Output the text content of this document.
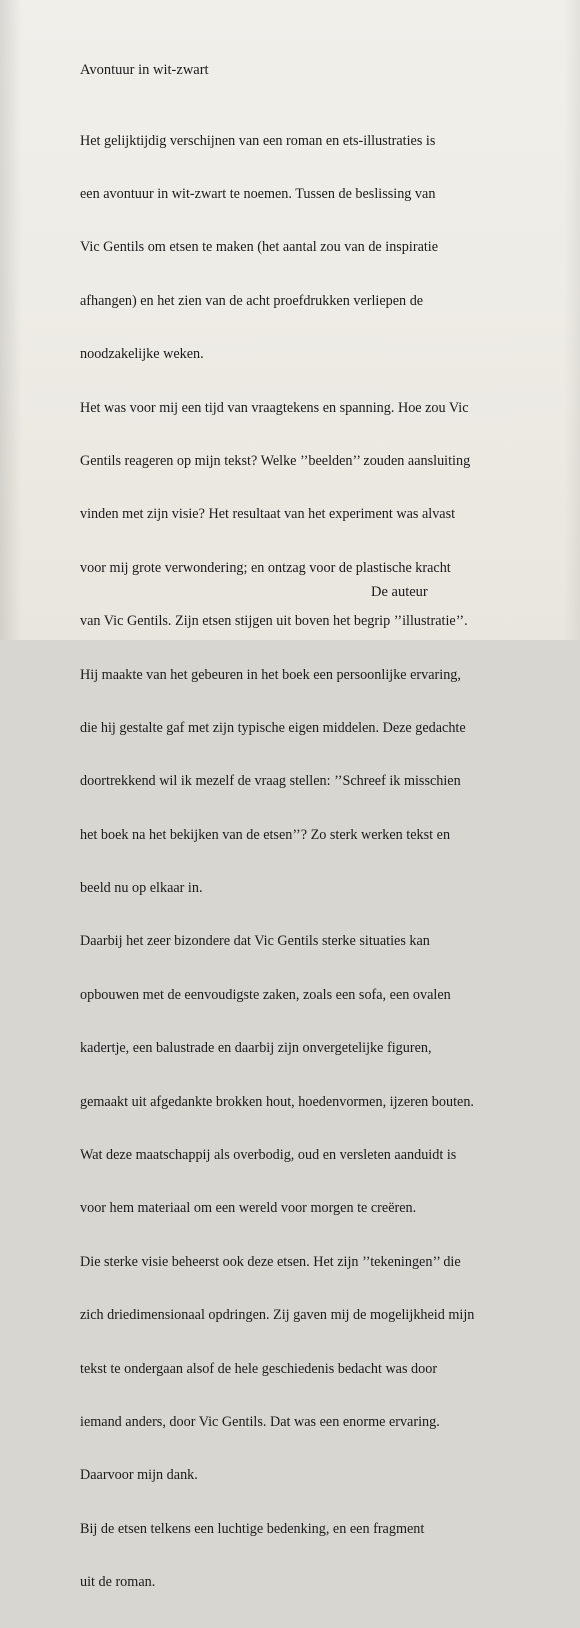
Avontuur in wit-zwart

Het gelijktijdig verschijnen van een roman en ets-illustraties is

een avontuur in wit-zwart te noemen. Tussen de beslissing van

Vic Gentils om etsen te maken (het aantal zou van de inspiratie

afhangen) en het zien van de acht proefdrukken verliepen de

noodzakelijke weken.

Het was voor mij een tijd van vraagtekens en spanning. Hoe zou Vic

Gentils reageren op mijn tekst? Welke ’’beelden’’ zouden aansluiting

vinden met zijn visie? Het resultaat van het experiment was alvast

voor mij grote verwondering; en ontzag voor de plastische kracht

van Vic Gentils. Zijn etsen stijgen uit boven het begrip ’’illustratie’’.

Hij maakte van het gebeuren in het boek een persoonlijke ervaring,

die hij gestalte gaf met zijn typische eigen middelen. Deze gedachte

doortrekkend wil ik mezelf de vraag stellen: ’’Schreef ik misschien

het boek na het bekijken van de etsen’’? Zo sterk werken tekst en

beeld nu op elkaar in.

Daarbij het zeer bizondere dat Vic Gentils sterke situaties kan

opbouwen met de eenvoudigste zaken, zoals een sofa, een ovalen

kadertje, een balustrade en daarbij zijn onvergetelijke figuren,

gemaakt uit afgedankte brokken hout, hoedenvormen, ijzeren bouten.

Wat deze maatschappij als overbodig, oud en versleten aanduidt is

voor hem materiaal om een wereld voor morgen te creëren.

Die sterke visie beheerst ook deze etsen. Het zijn ’’tekeningen’’ die

zich driedimensionaal opdringen. Zij gaven mij de mogelijkheid mijn

tekst te ondergaan alsof de hele geschiedenis bedacht was door

iemand anders, door Vic Gentils. Dat was een enorme ervaring.

Daarvoor mijn dank.

Bij de etsen telkens een luchtige bedenking, en een fragment

uit de roman.

De auteur
